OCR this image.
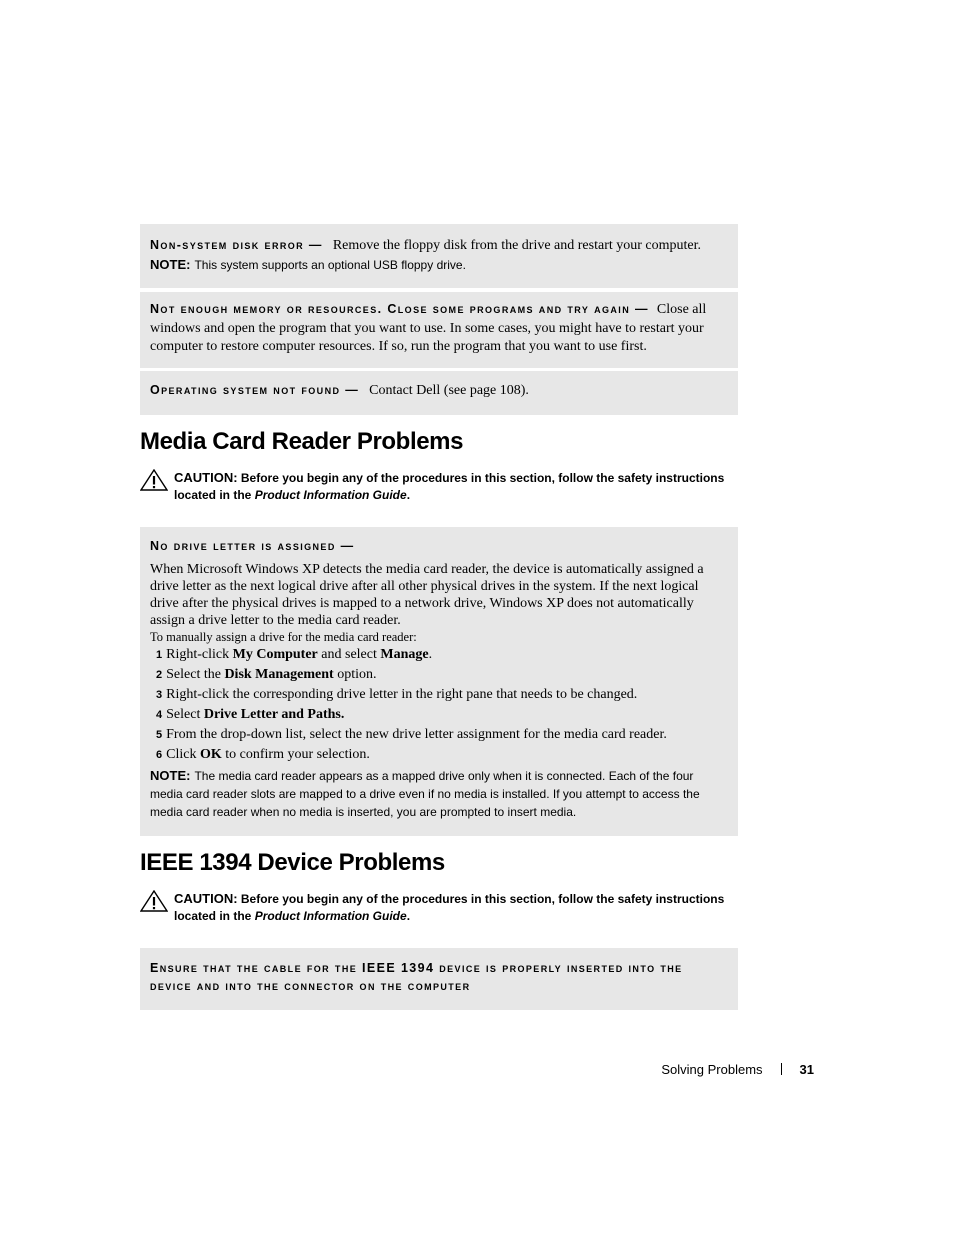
Non-system disk error — Remove the floppy disk from the drive and restart your computer.
NOTE: This system supports an optional USB floppy drive.
Not enough memory or resources. Close some programs and try again — Close all windows and open the program that you want to use. In some cases, you might have to restart your computer to restore computer resources. If so, run the program that you want to use first.
Operating system not found — Contact Dell (see page 108).
Media Card Reader Problems
CAUTION: Before you begin any of the procedures in this section, follow the safety instructions located in the Product Information Guide.
No drive letter is assigned —
When Microsoft Windows XP detects the media card reader, the device is automatically assigned a drive letter as the next logical drive after all other physical drives in the system. If the next logical drive after the physical drives is mapped to a network drive, Windows XP does not automatically assign a drive letter to the media card reader.
To manually assign a drive for the media card reader:
1 Right-click My Computer and select Manage.
2 Select the Disk Management option.
3 Right-click the corresponding drive letter in the right pane that needs to be changed.
4 Select Drive Letter and Paths.
5 From the drop-down list, select the new drive letter assignment for the media card reader.
6 Click OK to confirm your selection.
NOTE: The media card reader appears as a mapped drive only when it is connected. Each of the four media card reader slots are mapped to a drive even if no media is installed. If you attempt to access the media card reader when no media is inserted, you are prompted to insert media.
IEEE 1394 Device Problems
CAUTION: Before you begin any of the procedures in this section, follow the safety instructions located in the Product Information Guide.
Ensure that the cable for the IEEE 1394 device is properly inserted into the device and into the connector on the computer
Solving Problems	31
